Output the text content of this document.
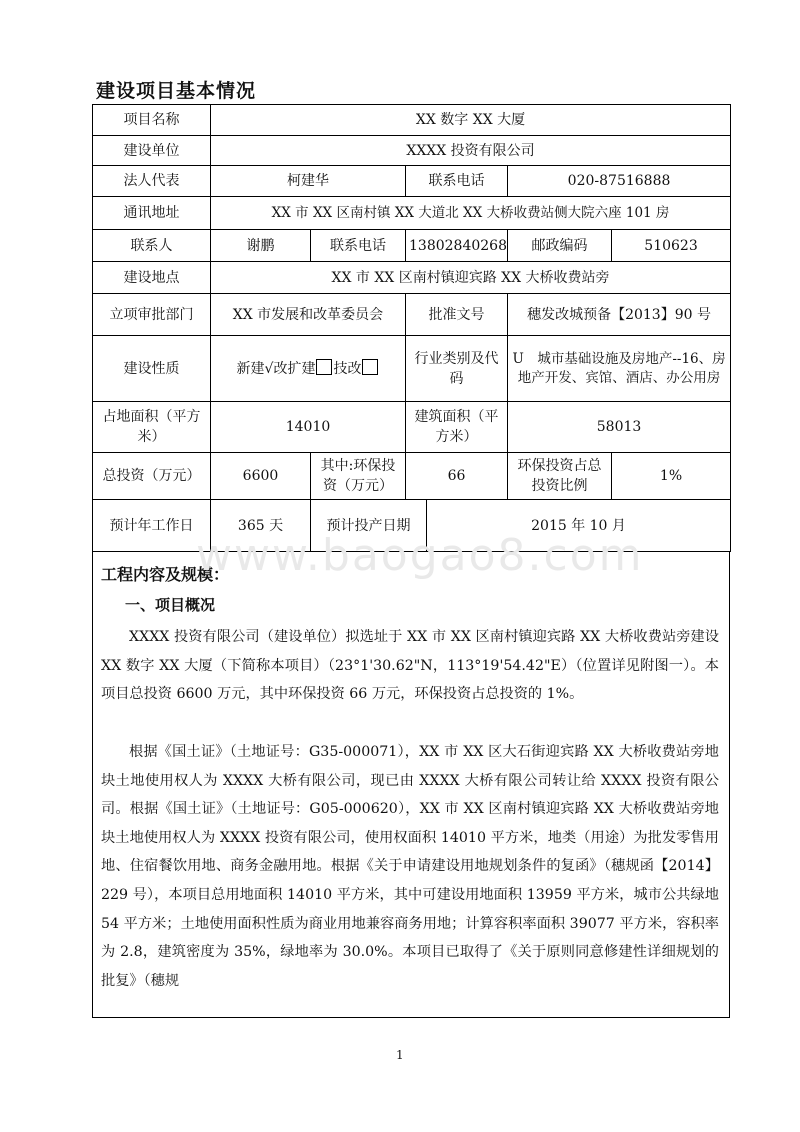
建设项目基本情况
项目名称	XX 数字 XX 大厦					
建设单位	XXXX 投资有限公司					
法人代表	柯建华		联系电话		020-87516888	
通讯地址	XX 市 XX 区南村镇 XX 大道北 XX 大桥收费站侧大院六座 101 房					
联系人	谢鹏	联系电话	13802840268		邮政编码	510623
建设地点	XX 市 XX 区南村镇迎宾路 XX 大桥收费站旁					
立项审批部门	XX 市发展和改革委员会		批准文号		穗发改城预备【2013】90 号	
建设性质	新建√改扩建 技改		行业类别及代码		U　城市基础设施及房地产--16、房地产开发、宾馆、酒店、办公用房	
占地面积（平方米）	14010		建筑面积（平方米）		58013	
总投资（万元）	6600	其中:环保投资（万元）	66		环保投资占总投资比例	1%
预计年工作日	365 天	预计投产日期		2015 年 10 月		
工程内容及规模：
一、项目概况

XXXX 投资有限公司（建设单位）拟选址于 XX 市 XX 区南村镇迎宾路 XX 大桥收费站旁建设 XX 数字 XX 大厦（下简称本项目）（23°1'30.62"N，113°19'54.42"E）（位置详见附图一）。本项目总投资 6600 万元，其中环保投资 66 万元，环保投资占总投资的 1%。

根据《国土证》（土地证号：G35-000071），XX 市 XX 区大石街迎宾路 XX 大桥收费站旁地块土地使用权人为 XXXX 大桥有限公司，现已由 XXXX 大桥有限公司转让给 XXXX 投资有限公司。根据《国土证》（土地证号：G05-000620），XX 市 XX 区南村镇迎宾路 XX 大桥收费站旁地块土地使用权人为 XXXX 投资有限公司，使用权面积 14010 平方米，地类（用途）为批发零售用地、住宿餐饮用地、商务金融用地。根据《关于申请建设用地规划条件的复函》（穗规函【2014】229 号），本项目总用地面积 14010 平方米，其中可建设用地面积 13959 平方米，城市公共绿地 54 平方米；土地使用面积性质为商业用地兼容商务用地；计算容积率面积 39077 平方米，容积率为 2.8，建筑密度为 35%，绿地率为 30.0%。本项目已取得了《关于原则同意修建性详细规划的批复》（穗规

www.baogao8.com
1
